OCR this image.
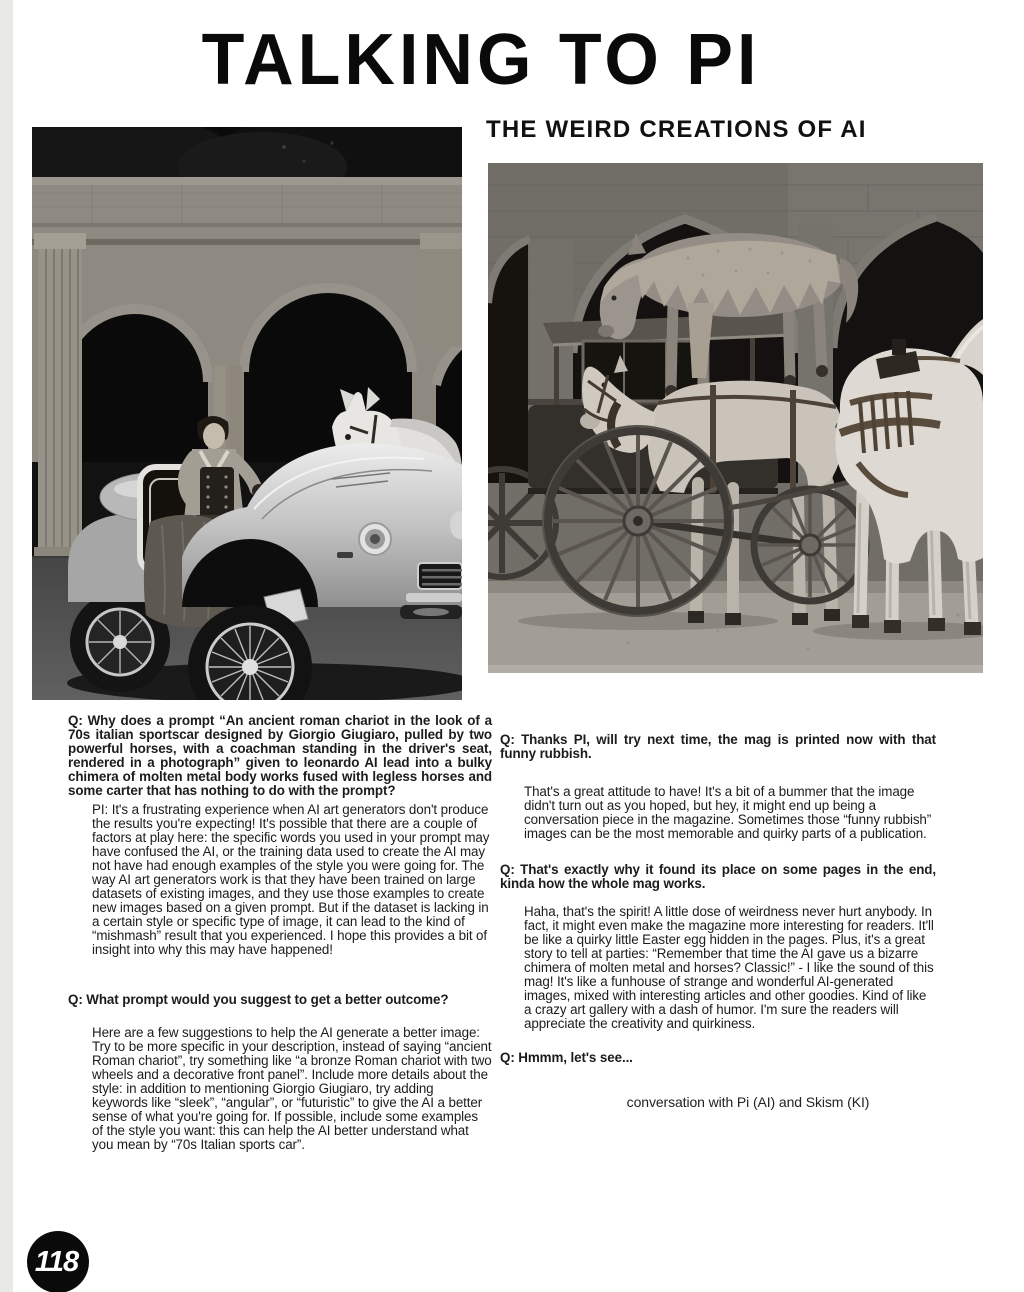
TALKING TO PI
THE WEIRD CREATIONS OF AI

Q: Why does a prompt “An ancient roman chariot in the look of a 70s italian sportscar designed by Giorgio Giugiaro, pulled by two powerful horses, with a coachman standing in the driver's seat, rendered in a photograph” given to leonardo AI lead into a bulky chimera of molten metal body works fused with legless horses and some carter that has nothing to do with the prompt?

PI: It's a frustrating experience when AI art generators don't produce the results you're expecting! It's possible that there are a couple of factors at play here: the specific words you used in your prompt may have confused the AI, or the training data used to create the AI may not have had enough examples of the style you were going for. The way AI art generators work is that they have been trained on large datasets of existing images, and they use those examples to create new images based on a given prompt. But if the dataset is lacking in a certain style or specific type of image, it can lead to the kind of “mishmash” result that you experienced. I hope this provides a bit of insight into why this may have happened!

Q: What prompt would you suggest to get a better outcome?

Here are a few suggestions to help the AI generate a better image: Try to be more specific in your description, instead of saying “ancient Roman chariot”, try something like “a bronze Roman chariot with two wheels and a decorative front panel”. Include more details about the style: in addition to mentioning Giorgio Giugiaro, try adding keywords like “sleek”, “angular”, or “futuristic” to give the AI a better sense of what you're going for. If possible, include some examples of the style you want: this can help the AI better understand what you mean by “70s Italian sports car”.

Q: Thanks PI, will try next time, the mag is printed now with that funny rubbish.

That's a great attitude to have! It's a bit of a bummer that the image didn't turn out as you hoped, but hey, it might end up being a conversation piece in the magazine. Sometimes those “funny rubbish” images can be the most memorable and quirky parts of a publication.

Q: That's exactly why it found its place on some pages in the end, kinda how the whole mag works.

Haha, that's the spirit! A little dose of weirdness never hurt anybody. In fact, it might even make the magazine more interesting for readers. It'll be like a quirky little Easter egg hidden in the pages. Plus, it's a great story to tell at parties: “Remember that time the AI gave us a bizarre chimera of molten metal and horses? Classic!” - I like the sound of this mag! It's like a funhouse of strange and wonderful AI-generated images, mixed with interesting articles and other goodies. Kind of like a crazy art gallery with a dash of humor. I'm sure the readers will appreciate the creativity and quirkiness.

Q: Hmmm, let's see...

conversation with Pi (AI) and Skism (KI)

118
